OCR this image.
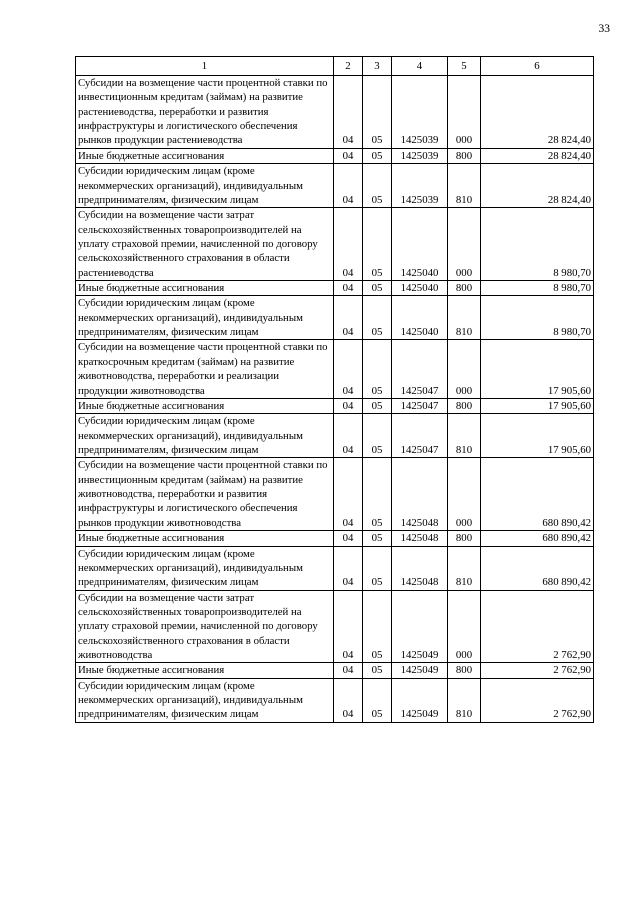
33
1	2	3	4	5	6
Субсидии на возмещение части процентной ставки по инвестиционным кредитам (займам) на развитие растениеводства, переработки и развития инфраструктуры и логистического обеспечения рынков продукции растениеводства	04	05	1425039	000	28 824,40
Иные бюджетные ассигнования	04	05	1425039	800	28 824,40
Субсидии юридическим лицам (кроме некоммерческих организаций), индивидуальным предпринимателям, физическим лицам	04	05	1425039	810	28 824,40
Субсидии на возмещение части затрат сельскохозяйственных товаропроизводителей на уплату страховой премии, начисленной по договору сельскохозяйственного страхования в области растениеводства	04	05	1425040	000	8 980,70
Иные бюджетные ассигнования	04	05	1425040	800	8 980,70
Субсидии юридическим лицам (кроме некоммерческих организаций), индивидуальным предпринимателям, физическим лицам	04	05	1425040	810	8 980,70
Субсидии на возмещение части процентной ставки по краткосрочным кредитам (займам) на развитие животноводства, переработки и реализации продукции животноводства	04	05	1425047	000	17 905,60
Иные бюджетные ассигнования	04	05	1425047	800	17 905,60
Субсидии юридическим лицам (кроме некоммерческих организаций), индивидуальным предпринимателям, физическим лицам	04	05	1425047	810	17 905,60
Субсидии на возмещение части процентной ставки по инвестиционным кредитам (займам) на развитие животноводства, переработки и развития инфраструктуры и логистического обеспечения рынков продукции животноводства	04	05	1425048	000	680 890,42
Иные бюджетные ассигнования	04	05	1425048	800	680 890,42
Субсидии юридическим лицам (кроме некоммерческих организаций), индивидуальным предпринимателям, физическим лицам	04	05	1425048	810	680 890,42
Субсидии на возмещение части затрат сельскохозяйственных товаропроизводителей на уплату страховой премии, начисленной по договору сельскохозяйственного страхования в области животноводства	04	05	1425049	000	2 762,90
Иные бюджетные ассигнования	04	05	1425049	800	2 762,90
Субсидии юридическим лицам (кроме некоммерческих организаций), индивидуальным предпринимателям, физическим лицам	04	05	1425049	810	2 762,90
